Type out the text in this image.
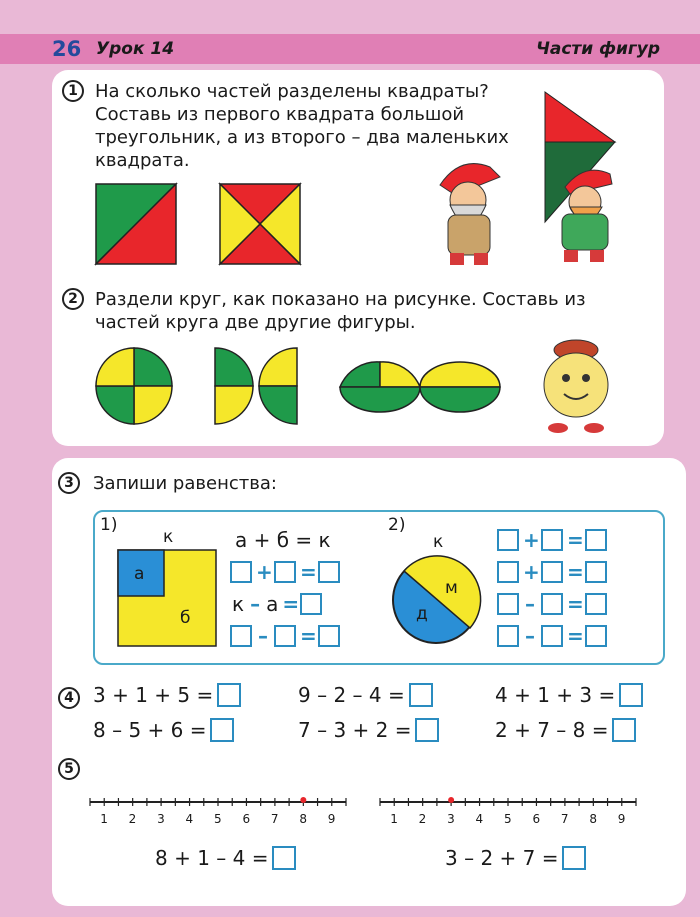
26 Урок 14	Части фигур
1 На сколько частей разделены квадраты?
Составь из первого квадрата большой
треугольник, а из второго – два маленьких
квадрата.
2 Раздели круг, как показано на рисунке. Составь из
частей круга две другие фигуры.
3	Запиши равенства:
1)
к
а
б
а + б = к
+ =
к – а =
– =
2)
к
м
д
+ =
+ =
– =
– =
4 3 + 1 + 5 =	9 – 2 – 4 =	4 + 1 + 3 =
8 – 5 + 6 =	7 – 3 + 2 =	2 + 7 – 8 =
5
1 2 3 4 5 6 7 8 9	1 2 3 4 5 6 7 8 9
8 + 1 – 4 =	3 – 2 + 7 =
